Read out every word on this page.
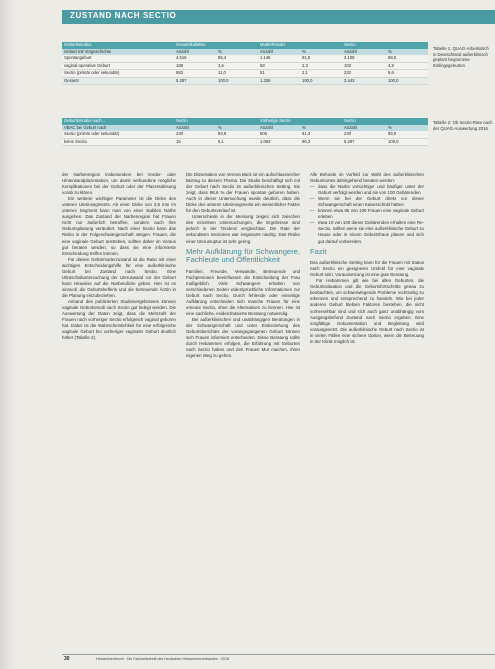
ZUSTAND NACH SECTIO
Geburtsmodus	Gesamtkollektiv		Mutter/Kinder		Sectio	
Geburt mit Vorgeschichte	Anzahl	%	Anzahl	%	Anzahl	%
Spontangeburt	4.516	85,4	1.146	91,5	3.108	88,6
vaginal-operative Geburt	188	3,6	58	2,3	103	4,8
Sectio (primär oder sekundär)	583	11,0	51	2,1	232	6,6
Gesamt	5.287	100,0	1.255	100,0	3.443	100,0
Tabelle 1: QUAG-Arbeitsstich in Deutschland außerklinisch geplant begonnene Einlingsgeburten
Geburtsmodus nach ...	Sectio		Vorherige Sectio		Sectio	
VBAC bei Geburt nach	Anzahl	%	Anzahl	%	Anzahl	%
Sectio (primär oder sekundär)	230	93,9	506	91,3	230	93,9
keine Sectio	15	6,1	1.083	96,3	5.297	100,0
Tabelle 2: Ob Sectio-Rate nach der QUAG-Auswertung 2016

der Narbenregion insbesondere bei Vorder- oder Hinterwandplazentation, um damit verbundene mögliche Komplikationen bei der Geburt oder der Plazentalösung vorab zu klären.

Ein weiterer wichtiger Parameter ist die Dicke des unteren Uterinsegments. Ab einer Dicke von 3,5 mm im unteren Segment kann man von einer stabilen Narbe ausgehen. Das Zustand der Narbenregion hat Frauen nicht nur äußerlich betroffen, sondern auch ihre Geburtsplanung verändert. Nach einer Sectio kann das Risiko in der Folgeschwangerschaft steigen. Frauen, die eine vaginale Geburt anstreben, sollten daher im Voraus gut beraten werden, so dass sie eine informierte Entscheidung treffen können.

Für diesen Gebärmutterzustand ist die Ratio mit einer wichtigen Entscheidungshilfe für eine außerklinische Geburt bei Zustand nach Sectio. Eine Ultraschalluntersuchung der Uteruswand vor der Geburt kann Hinweise auf die Narbendicke geben. Hier ist es sinnvoll, die Geburtshelferin und die betreuende Ärztin in die Planung einzubeziehen.

Anhand des publizierten Studienergebnisses können vaginale Geburtsmodi nach Sectio gut belegt werden. Die Auswertung der Daten zeigt, dass die Mehrzahl der Frauen nach vorheriger Sectio erfolgreich vaginal geboren hat. Dabei ist die Wahrscheinlichkeit für eine erfolgreiche vaginale Geburt bei vorheriger vaginaler Geburt deutlich höher (Tabelle 2).

Die Dissertation von Verena Bück ist ein aufschlussreicher Beitrag zu diesem Thema. Die Studie beschäftigt sich mit der Geburt nach Sectio im außerklinischen Setting. Sie zeigt, dass 88,6 % der Frauen spontan geboren haben. Auch in dieser Untersuchung wurde deutlich, dass die Dicke des unteren Uterinsegments ein wesentlicher Faktor für den Geburtsverlauf ist.

Unterschiede in der Messung zeigen sich zwischen den einzelnen Untersuchungen, die Ergebnisse sind jedoch in der Tendenz vergleichbar. Die Rate der sekundären Sectiones war insgesamt niedrig. Das Risiko einer Uterusruptur ist sehr gering.

Mehr Aufklärung für Schwangere, Fachleute und Öffentlichkeit

Familien, Freunde, Verwandte, Betreuende und Fachpersonen beeinflussen die Entscheidung der Frau maßgeblich. Viele Schwangere erhalten von verschiedenen Seiten widersprüchliche Informationen zur Geburt nach Sectio. Durch fehlende oder einseitige Aufklärung entscheiden sich manche Frauen für eine erneute Sectio, ohne die Alternativen zu kennen. Hier ist eine sachliche, evidenzbasierte Beratung notwendig.

Bei außerklinischen und unabhängigen Beratungen in der Schwangerschaft und unter Einbeziehung des Geburtsberichtes der vorangegangenen Geburt können sich Frauen informiert entscheiden. Diese Beratung sollte durch Hebammen erfolgen, die Erfahrung mit Geburten nach Sectio haben und den Frauen Mut machen, ihren eigenen Weg zu gehen.

Alle Befunde im Vorfeld zur Wahl des außerklinischen Geburtsortes dahingehend beraten werden:

— dass die Narbe vorsichtiger und häufiger unter der Geburt verfolgt werden und sie von 100 Gebärenden
— Wenn sie bei der Geburt direkt vor dieser Schwangerschaft einen Kaiserschnitt hatten:
— können etwa 85 von 100 Frauen eine vaginale Geburt erleben
— etwa 10 von 100 dieser Gebärenden erhalten eine Re-Sectio, sollten wenn sie eine außerklinische Geburt zu Hause oder in einem Geburtshaus planen und sich gut darauf vorbereiten.
Fazit

Das außerklinische Setting kann für die Frauen mit Status nach Sectio ein geeignetes Umfeld für eine vaginale Geburt sein. Voraussetzung ist eine gute Beratung.

Für Hebammen gilt wie bei allen Geburten, die Geburtssituation und die Geburtsfortschritte genau zu beobachten, um schwerwiegende Probleme rechtzeitig zu erkennen und entsprechend zu handeln. Wie bei jeder anderen Geburt bleiben Faktoren bestehen, die nicht vorhersehbar sind und sich auch ganz unabhängig vom Ausgangsbefund Zustand nach Sectio ergeben. Eine sorgfältige Dokumentation und Begleitung wird vorausgesetzt. Die außerklinische Geburt nach Sectio ist in vielen Fällen eine sichere Option, wenn die Betreuung in der Klinik möglich ist.

30	Hebammenforum · Die Fachzeitschrift des Deutschen Hebammenverbandes · 2018
